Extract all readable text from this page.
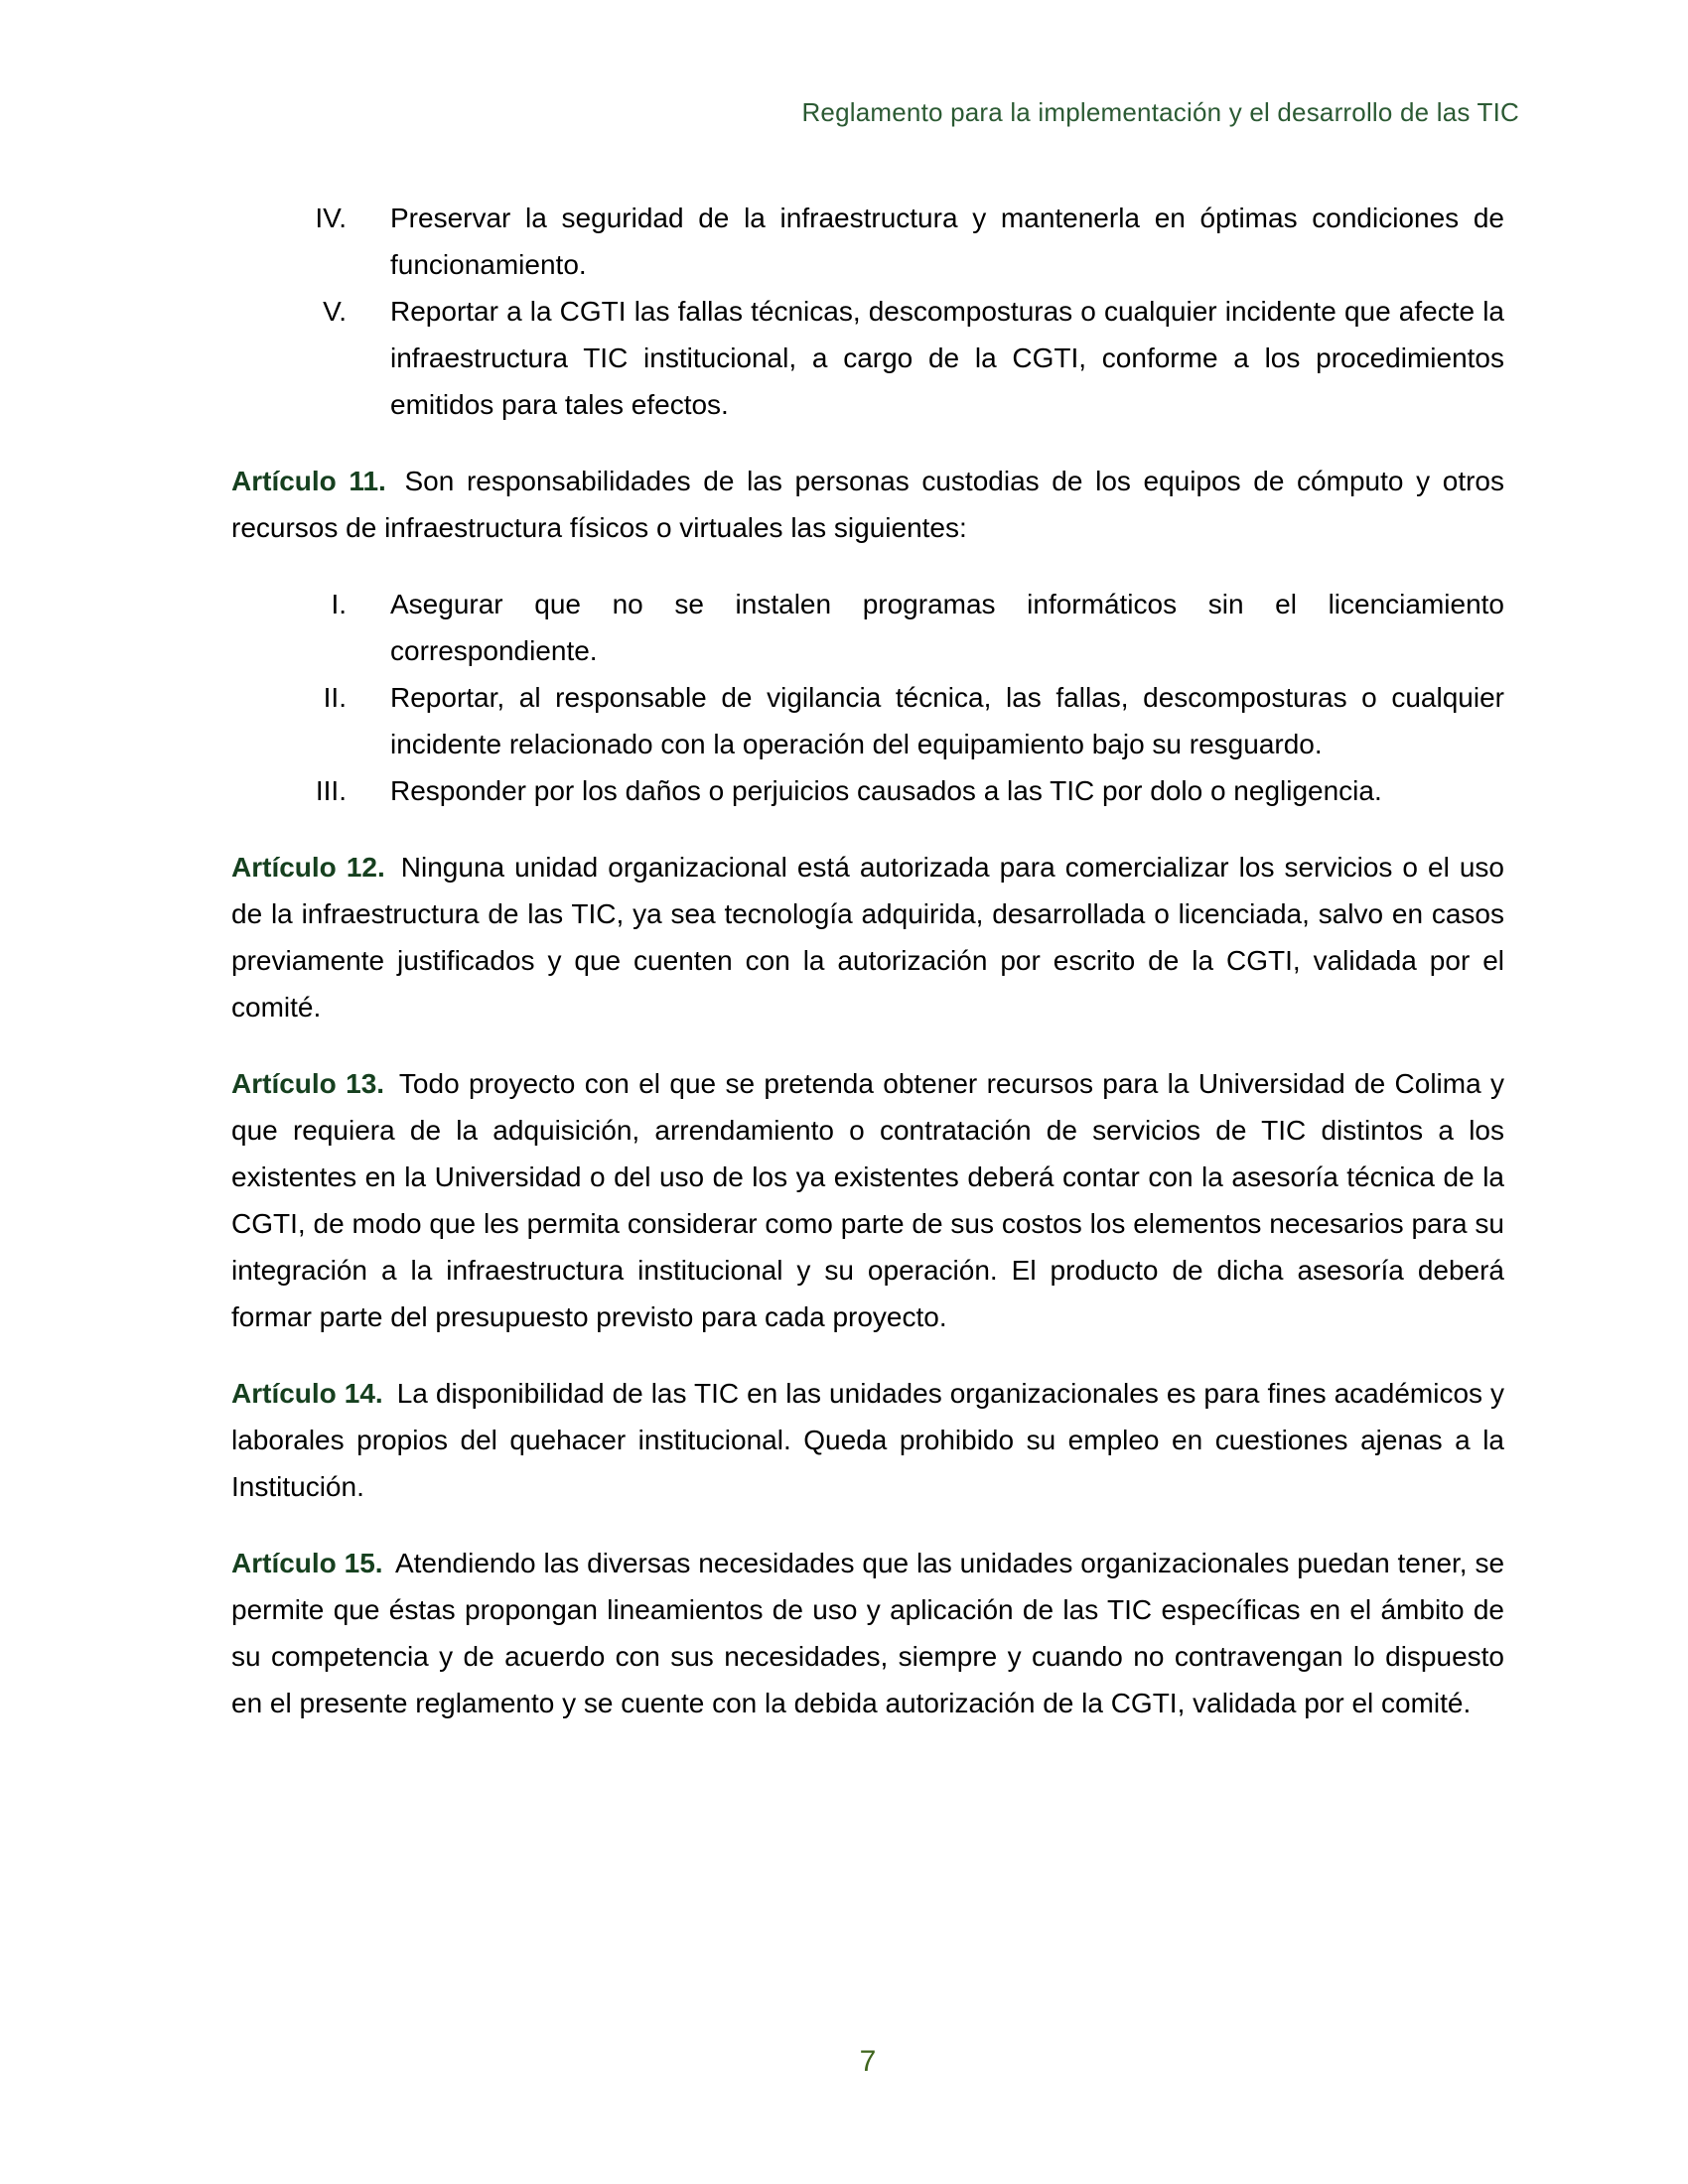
Reglamento para la implementación y el desarrollo de las TIC
IV. Preservar la seguridad de la infraestructura y mantenerla en óptimas condiciones de funcionamiento.
V. Reportar a la CGTI las fallas técnicas, descomposturas o cualquier incidente que afecte la infraestructura TIC institucional, a cargo de la CGTI, conforme a los procedimientos emitidos para tales efectos.

Artículo 11. Son responsabilidades de las personas custodias de los equipos de cómputo y otros recursos de infraestructura físicos o virtuales las siguientes:

I. Asegurar que no se instalen programas informáticos sin el licenciamiento correspondiente.
II. Reportar, al responsable de vigilancia técnica, las fallas, descomposturas o cualquier incidente relacionado con la operación del equipamiento bajo su resguardo.
III. Responder por los daños o perjuicios causados a las TIC por dolo o negligencia.

Artículo 12. Ninguna unidad organizacional está autorizada para comercializar los servicios o el uso de la infraestructura de las TIC, ya sea tecnología adquirida, desarrollada o licenciada, salvo en casos previamente justificados y que cuenten con la autorización por escrito de la CGTI, validada por el comité.

Artículo 13. Todo proyecto con el que se pretenda obtener recursos para la Universidad de Colima y que requiera de la adquisición, arrendamiento o contratación de servicios de TIC distintos a los existentes en la Universidad o del uso de los ya existentes deberá contar con la asesoría técnica de la CGTI, de modo que les permita considerar como parte de sus costos los elementos necesarios para su integración a la infraestructura institucional y su operación. El producto de dicha asesoría deberá formar parte del presupuesto previsto para cada proyecto.

Artículo 14. La disponibilidad de las TIC en las unidades organizacionales es para fines académicos y laborales propios del quehacer institucional. Queda prohibido su empleo en cuestiones ajenas a la Institución.

Artículo 15. Atendiendo las diversas necesidades que las unidades organizacionales puedan tener, se permite que éstas propongan lineamientos de uso y aplicación de las TIC específicas en el ámbito de su competencia y de acuerdo con sus necesidades, siempre y cuando no contravengan lo dispuesto en el presente reglamento y se cuente con la debida autorización de la CGTI, validada por el comité.

7
